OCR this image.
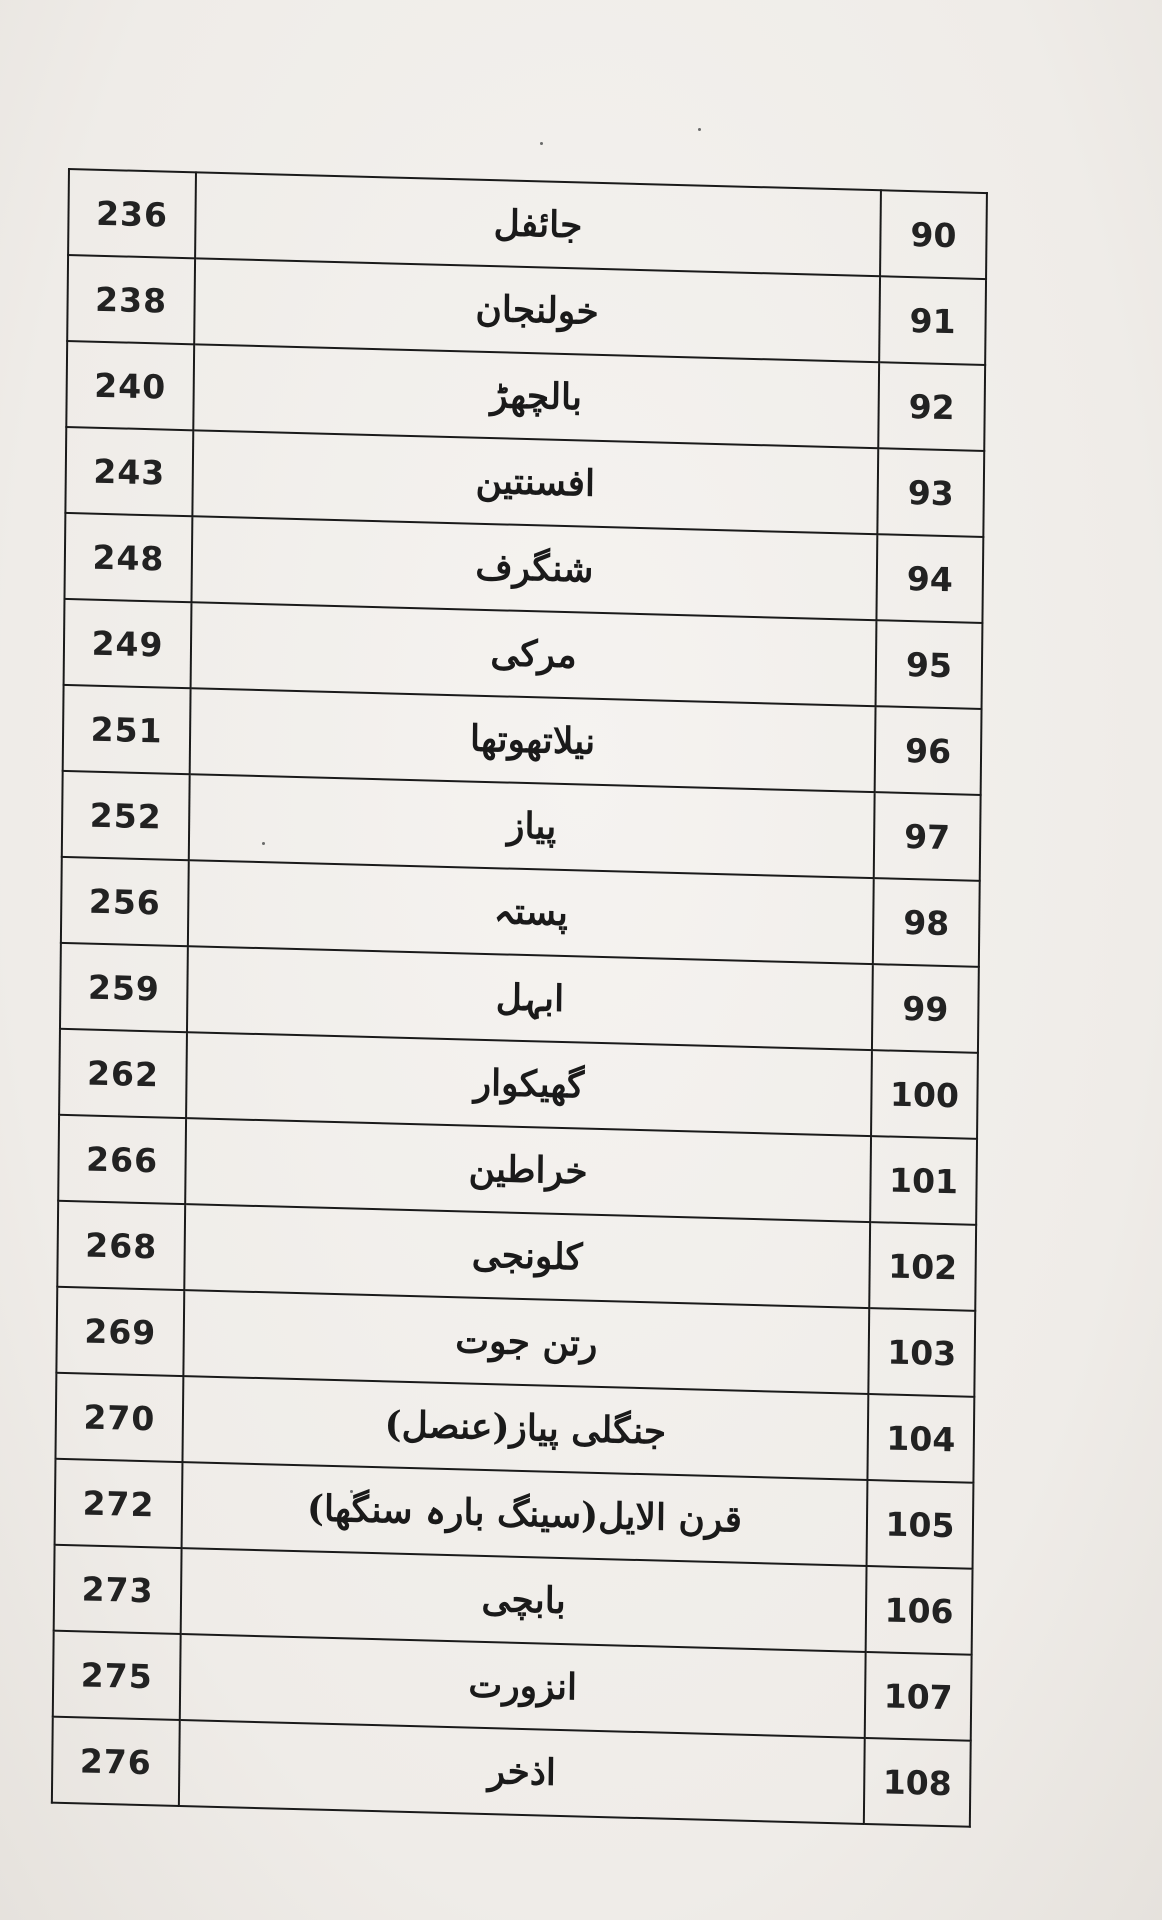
236	جائفل	90
238	خولنجان	91
240	بالچھڑ	92
243	افسنتین	93
248	شنگرف	94
249	مرکی	95
251	نیلاتھوتھا	96
252	پیاز	97
256	پستہ	98
259	ابہل	99
262	گھیکوار	100
266	خراطین	101
268	کلونجی	102
269	رتن جوت	103
270	جنگلی پیاز(عنصل)	104
272	قرن الایل(سینگ بارہ سنگھا)	105
273	بابچی	106
275	انزورت	107
276	اذخر	108
